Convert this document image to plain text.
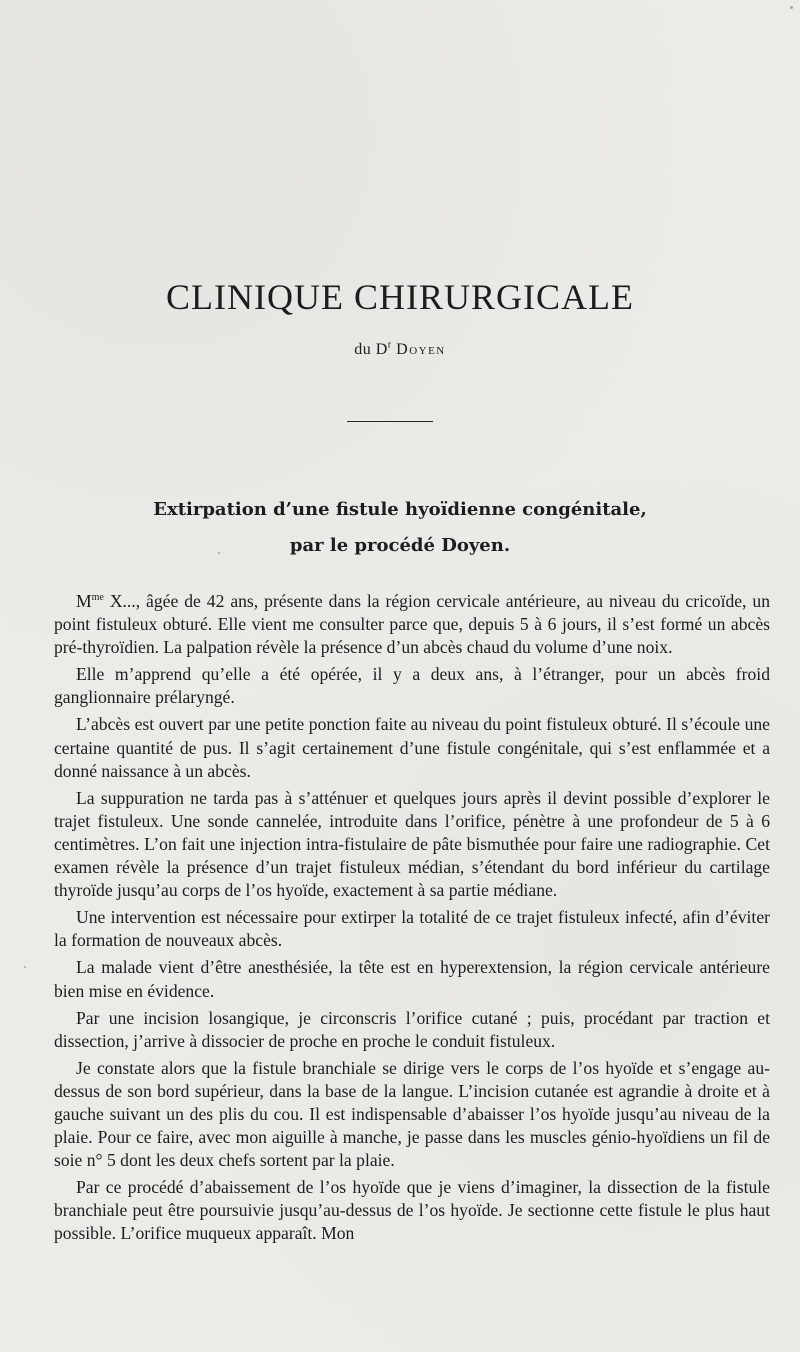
CLINIQUE CHIRURGICALE
du $D^r$ Doyen
Extirpation d’une fistule hyoïdienne congénitale,
par le procédé Doyen.

$M^{me}$ X..., âgée de 42 ans, présente dans la région cervicale antérieure, au niveau du cricoïde, un point fistuleux obturé. Elle vient me consulter parce que, depuis 5 à 6 jours, il s’est formé un abcès pré-thyroïdien. La palpation révèle la présence d’un abcès chaud du volume d’une noix.

Elle m’apprend qu’elle a été opérée, il y a deux ans, à l’étranger, pour un abcès froid ganglionnaire prélaryngé.

L’abcès est ouvert par une petite ponction faite au niveau du point fistuleux obturé. Il s’écoule une certaine quantité de pus. Il s’agit certainement d’une fistule congénitale, qui s’est enflammée et a donné naissance à un abcès.

La suppuration ne tarda pas à s’atténuer et quelques jours après il devint possible d’explorer le trajet fistuleux. Une sonde cannelée, introduite dans l’orifice, pénètre à une profondeur de 5 à 6 centimètres. L’on fait une injection intra-fistulaire de pâte bismuthée pour faire une radiographie. Cet examen révèle la présence d’un trajet fistuleux médian, s’étendant du bord inférieur du cartilage thyroïde jusqu’au corps de l’os hyoïde, exactement à sa partie médiane.

Une intervention est nécessaire pour extirper la totalité de ce trajet fistuleux infecté, afin d’éviter la formation de nouveaux abcès.

La malade vient d’être anesthésiée, la tête est en hyperextension, la région cervicale antérieure bien mise en évidence.

Par une incision losangique, je circonscris l’orifice cutané ; puis, procédant par traction et dissection, j’arrive à dissocier de proche en proche le conduit fistuleux.

Je constate alors que la fistule branchiale se dirige vers le corps de l’os hyoïde et s’engage au-dessus de son bord supérieur, dans la base de la langue. L’incision cutanée est agrandie à droite et à gauche suivant un des plis du cou. Il est indispensable d’abaisser l’os hyoïde jusqu’au niveau de la plaie. Pour ce faire, avec mon aiguille à manche, je passe dans les muscles génio-hyoïdiens un fil de soie n° 5 dont les deux chefs sortent par la plaie.

Par ce procédé d’abaissement de l’os hyoïde que je viens d’imaginer, la dissection de la fistule branchiale peut être poursuivie jusqu’au-dessus de l’os hyoïde. Je sectionne cette fistule le plus haut possible. L’orifice muqueux apparaît. Mon
